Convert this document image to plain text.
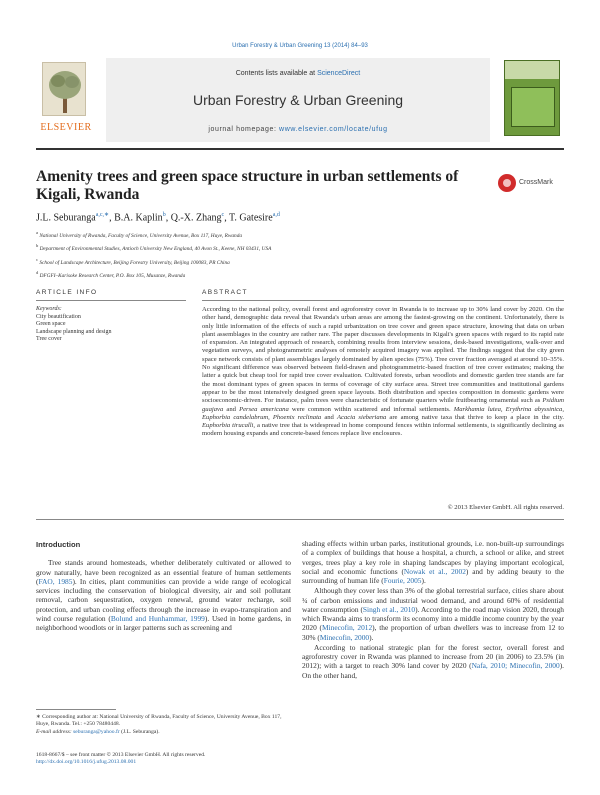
Urban Forestry & Urban Greening 13 (2014) 84–93
ELSEVIER
Contents lists available at ScienceDirect
Urban Forestry & Urban Greening
journal homepage: www.elsevier.com/locate/ufug
Amenity trees and green space structure in urban settlements of Kigali, Rwanda
CrossMark
J.L. Seburanga$^{a,c,∗}$, B.A. Kaplin$^b$, Q.-X. Zhang$^c$, T. Gatesire$^{a,d}$
$^a$ National University of Rwanda, Faculty of Science, University Avenue, Box 117, Huye, Rwanda
$^b$ Department of Environmental Studies, Antioch University New England, 40 Avon St., Keene, NH 03431, USA
$^c$ School of Landscape Architecture, Beijing Forestry University, Beijing 100083, PR China
$^d$ DFGFI–Karisoke Research Center, P.O. Box 105, Musanze, Rwanda
ARTICLE INFO	ABSTRACT
Keywords:
City beautification
Green space
Landscape planning and design
Tree cover
According to the national policy, overall forest and agroforestry cover in Rwanda is to increase up to 30% land cover by 2020. On the other hand, demographic data reveal that Rwanda's urban areas are among the fastest-growing on the continent. Unfortunately, there is only little information of the effects of such a rapid urbanization on tree cover and green space structure, knowing that data on urban plant assemblages in the country are rather rare. The paper discusses developments in Kigali's green spaces with regard to its rapid rate of expansion. An integrated approach of research, combining results from interview sessions, desk-based investigations, walk-over and vegetation surveys, and photogrammetric analyses of remotely acquired imagery was applied. The findings suggest that the city green space network consists of plant assemblages largely dominated by alien species (75%). Tree cover fraction averaged at around 10–35%. No significant difference was observed between field-drawn and photogrammetric-based fraction of tree cover estimates; making the latter a quick but cheap tool for rapid tree cover evaluation. Cultivated forests, urban woodlots and domestic garden tree stands are far the most dominant types of green spaces in terms of coverage of city surface area. Street tree communities and institutional gardens appear to be the most intensively designed green space layouts. Both distribution and species composition in domestic gardens were socioeconomic-driven. For instance, palm trees were characteristic of fortunate quarters while fruitbearing ornamental such as Psidium guajava and Persea americana were common within scattered and informal settlements. Markhamia lutea, Erythrina abyssinica, Euphorbia candelabrum, Phoenix reclinata and Acacia sieberiana are among native taxa that thrive to keep a place in the city. Euphorbia tirucalli, a native tree that is widespread in home compound fences within informal settlements, is significantly declining as modern housing expands and concrete-based fences replace live enclosures.
© 2013 Elsevier GmbH. All rights reserved.
Introduction

Tree stands around homesteads, whether deliberately cultivated or allowed to grow naturally, have been recognized as an essential feature of human settlements (FAO, 1985). In cities, plant communities can provide a wide range of ecological services including the conservation of biological diversity, air and soil pollutant removal, carbon sequestration, oxygen renewal, ground water recharge, soil protection, and urban cooling effects through the increase in evapo-transpiration and wind course regulation (Bolund and Hunhammar, 1999). Used in home gardens, in neighborhood woodlots or in larger patterns such as screening and

shading effects within urban parks, institutional grounds, i.e. non-built-up surroundings of a complex of buildings that house a hospital, a church, a school or alike, and street verges, trees play a key role in shaping landscapes by playing important ecological, social and economic functions (Nowak et al., 2002) and by adding beauty to the surrounding of human life (Fourie, 2005).

Although they cover less than 3% of the global terrestrial surface, cities share about ¾ of carbon emissions and industrial wood demand, and around 60% of residential water consumption (Singh et al., 2010). According to the road map vision 2020, through which Rwanda aims to transform its economy into a middle income country by the year 2020 (Minecofin, 2012), the proportion of urban dwellers was to increase from 12 to 30% (Minecofin, 2000).

According to national strategic plan for the forest sector, overall forest and agroforestry cover in Rwanda was planned to increase from 20 (in 2006) to 23.5% (in 2012); with a target to reach 30% land cover by 2020 (Nafa, 2010; Minecofin, 2000). On the other hand,

∗ Corresponding author at: National University of Rwanda, Faculty of Science, University Avenue, Box 117, Huye, Rwanda. Tel.: +250 78480448.
E-mail address: seburanga@yahoo.fr (J.L. Seburanga).
1618-8667/$ – see front matter © 2013 Elsevier GmbH. All rights reserved.
http://dx.doi.org/10.1016/j.ufug.2013.08.001
